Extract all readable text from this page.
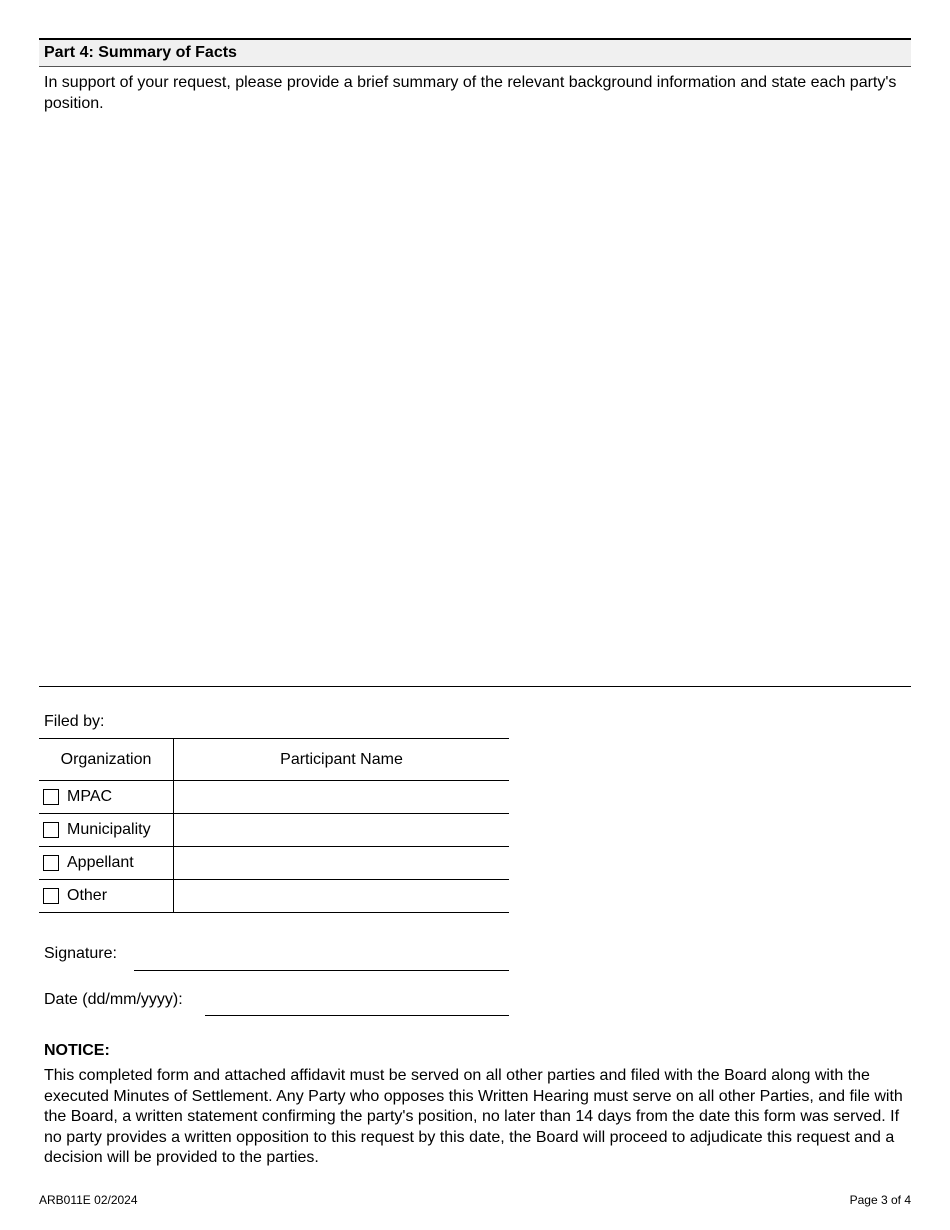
Part 4: Summary of Facts
In support of your request, please provide a brief summary of the relevant background information and state each party's position.
Filed by:
Organization	Participant Name

MPAC	

Municipality	

Appellant	

Other	

Signature:
Date (dd/mm/yyyy):
NOTICE:
This completed form and attached affidavit must be served on all other parties and filed with the Board along with the executed Minutes of Settlement. Any Party who opposes this Written Hearing must serve on all other Parties, and file with the Board, a written statement confirming the party's position, no later than 14 days from the date this form was served. If no party provides a written opposition to this request by this date, the Board will proceed to adjudicate this request and a decision will be provided to the parties.
ARB011E 02/2024	Page 3 of 4
